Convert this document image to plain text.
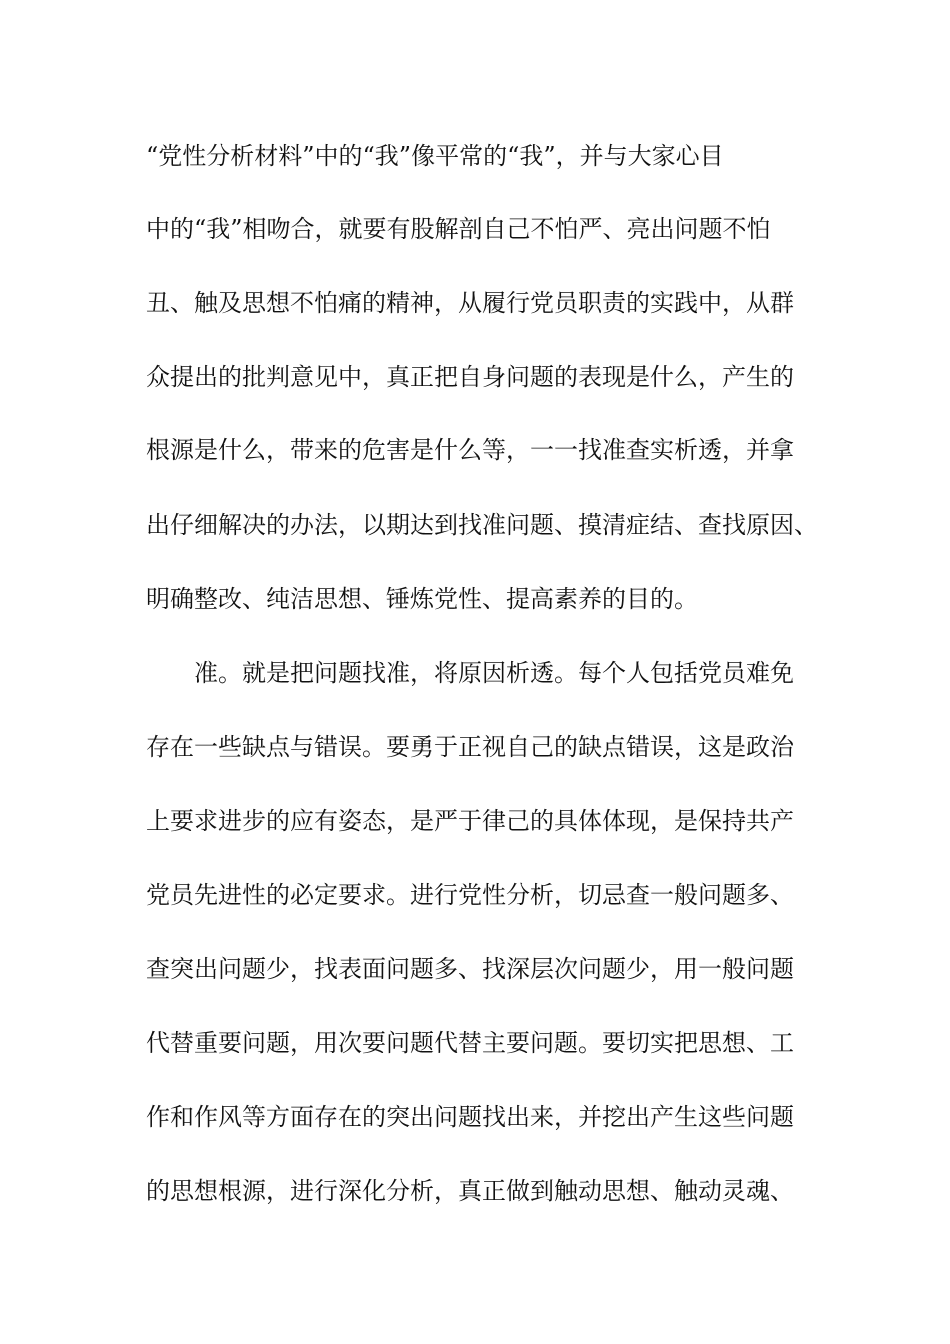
“党性分析材料”中的“我”像平常的“我”，并与大家心目
中的“我”相吻合，就要有股解剖自己不怕严、亮出问题不怕
丑、触及思想不怕痛的精神，从履行党员职责的实践中，从群
众提出的批判意见中，真正把自身问题的表现是什么，产生的
根源是什么，带来的危害是什么等，一一找准查实析透，并拿
出仔细解决的办法，以期达到找准问题、摸清症结、查找原因、
明确整改、纯洁思想、锤炼党性、提高素养的目的。
准。就是把问题找准，将原因析透。每个人包括党员难免
存在一些缺点与错误。要勇于正视自己的缺点错误，这是政治
上要求进步的应有姿态，是严于律己的具体体现，是保持共产
党员先进性的必定要求。进行党性分析，切忌查一般问题多、
查突出问题少，找表面问题多、找深层次问题少，用一般问题
代替重要问题，用次要问题代替主要问题。要切实把思想、工
作和作风等方面存在的突出问题找出来，并挖出产生这些问题
的思想根源，进行深化分析，真正做到触动思想、触动灵魂、
